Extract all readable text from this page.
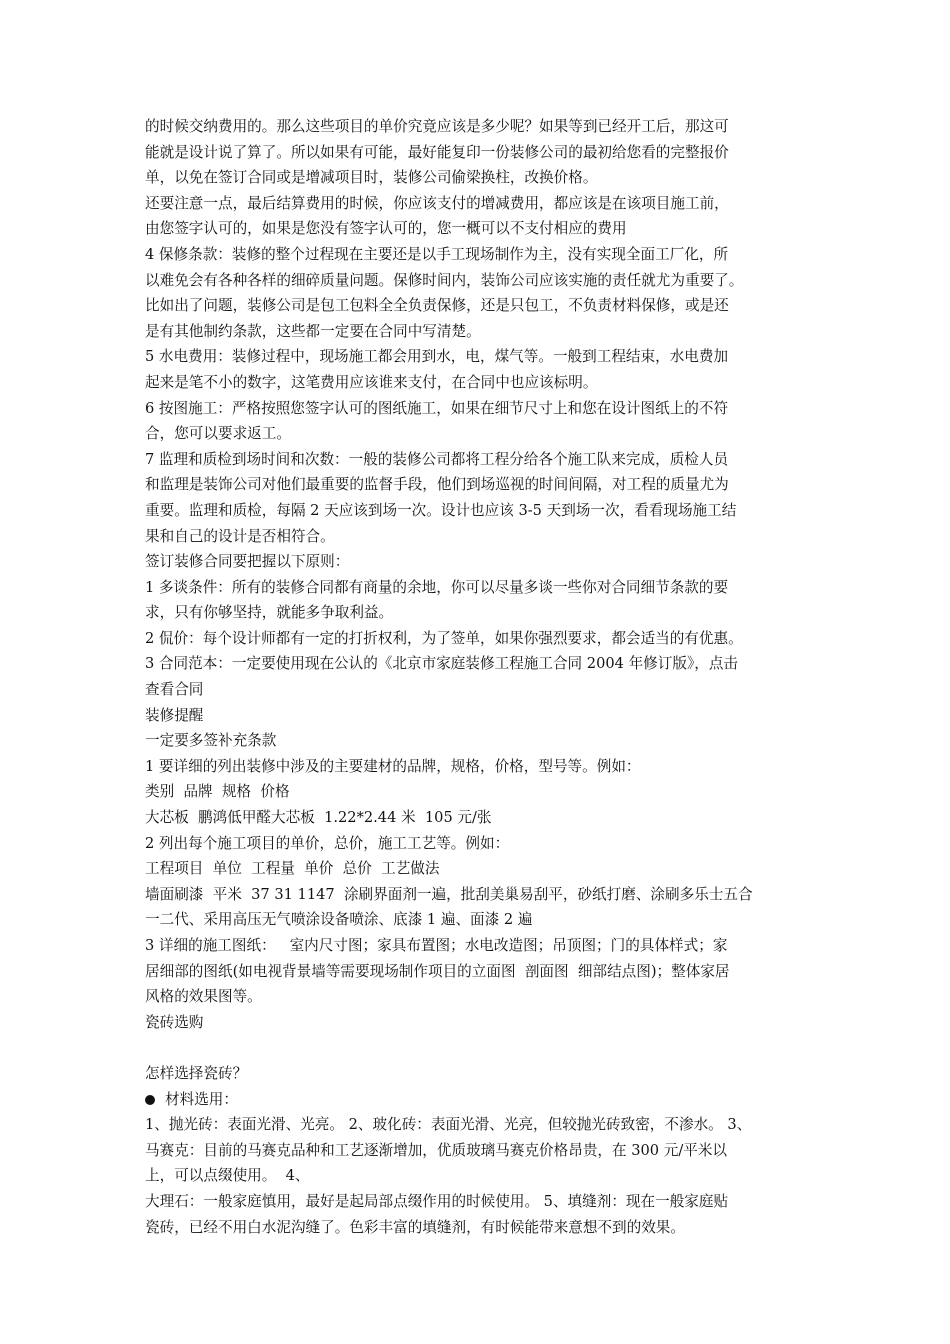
的时候交纳费用的。那么这些项目的单价究竟应该是多少呢？如果等到已经开工后，那这可
能就是设计说了算了。所以如果有可能，最好能复印一份装修公司的最初给您看的完整报价
单，以免在签订合同或是增减项目时，装修公司偷梁换柱，改换价格。
还要注意一点，最后结算费用的时候，你应该支付的增减费用，都应该是在该项目施工前，
由您签字认可的，如果是您没有签字认可的，您一概可以不支付相应的费用
4 保修条款：装修的整个过程现在主要还是以手工现场制作为主，没有实现全面工厂化，所
以难免会有各种各样的细碎质量问题。保修时间内，装饰公司应该实施的责任就尤为重要了。
比如出了问题，装修公司是包工包料全全负责保修，还是只包工，不负责材料保修，或是还
是有其他制约条款，这些都一定要在合同中写清楚。
5 水电费用：装修过程中，现场施工都会用到水，电，煤气等。一般到工程结束，水电费加
起来是笔不小的数字，这笔费用应该谁来支付，在合同中也应该标明。
6 按图施工：严格按照您签字认可的图纸施工，如果在细节尺寸上和您在设计图纸上的不符
合，您可以要求返工。
7 监理和质检到场时间和次数：一般的装修公司都将工程分给各个施工队来完成，质检人员
和监理是装饰公司对他们最重要的监督手段，他们到场巡视的时间间隔，对工程的质量尤为
重要。监理和质检，每隔 2 天应该到场一次。设计也应该 3-5 天到场一次，看看现场施工结
果和自己的设计是否相符合。
签订装修合同要把握以下原则：
1 多谈条件：所有的装修合同都有商量的余地，你可以尽量多谈一些你对合同细节条款的要
求，只有你够坚持，就能多争取利益。
2 侃价：每个设计师都有一定的打折权利，为了签单，如果你强烈要求，都会适当的有优惠。
3 合同范本：一定要使用现在公认的《北京市家庭装修工程施工合同 2004 年修订版》，点击
查看合同
装修提醒
一定要多签补充条款
1 要详细的列出装修中涉及的主要建材的品牌，规格，价格，型号等。例如：
类别  品牌  规格  价格
大芯板  鹏鸿低甲醛大芯板  1.22*2.44 米  105 元/张
2 列出每个施工项目的单价，总价，施工工艺等。例如：
工程项目  单位  工程量  单价  总价  工艺做法
墙面刷漆  平米  37 31 1147  涂刷界面剂一遍，批刮美巢易刮平，砂纸打磨、涂刷多乐士五合
一二代、采用高压无气喷涂设备喷涂、底漆 1 遍、面漆 2 遍
3 详细的施工图纸：   室内尺寸图；家具布置图；水电改造图；吊顶图；门的具体样式；家
居细部的图纸(如电视背景墙等需要现场制作项目的立面图  剖面图  细部结点图)；整体家居
风格的效果图等。
瓷砖选购
怎样选择瓷砖？
材料选用：
1、抛光砖：表面光滑、光亮。 2、玻化砖：表面光滑、光亮，但较抛光砖致密，不渗水。 3、
马赛克：目前的马赛克品种和工艺逐渐增加，优质玻璃马赛克价格昂贵，在 300 元/平米以
上，可以点缀使用。  4、
大理石：一般家庭慎用，最好是起局部点缀作用的时候使用。 5、填缝剂：现在一般家庭贴
瓷砖，已经不用白水泥沟缝了。色彩丰富的填缝剂，有时候能带来意想不到的效果。
